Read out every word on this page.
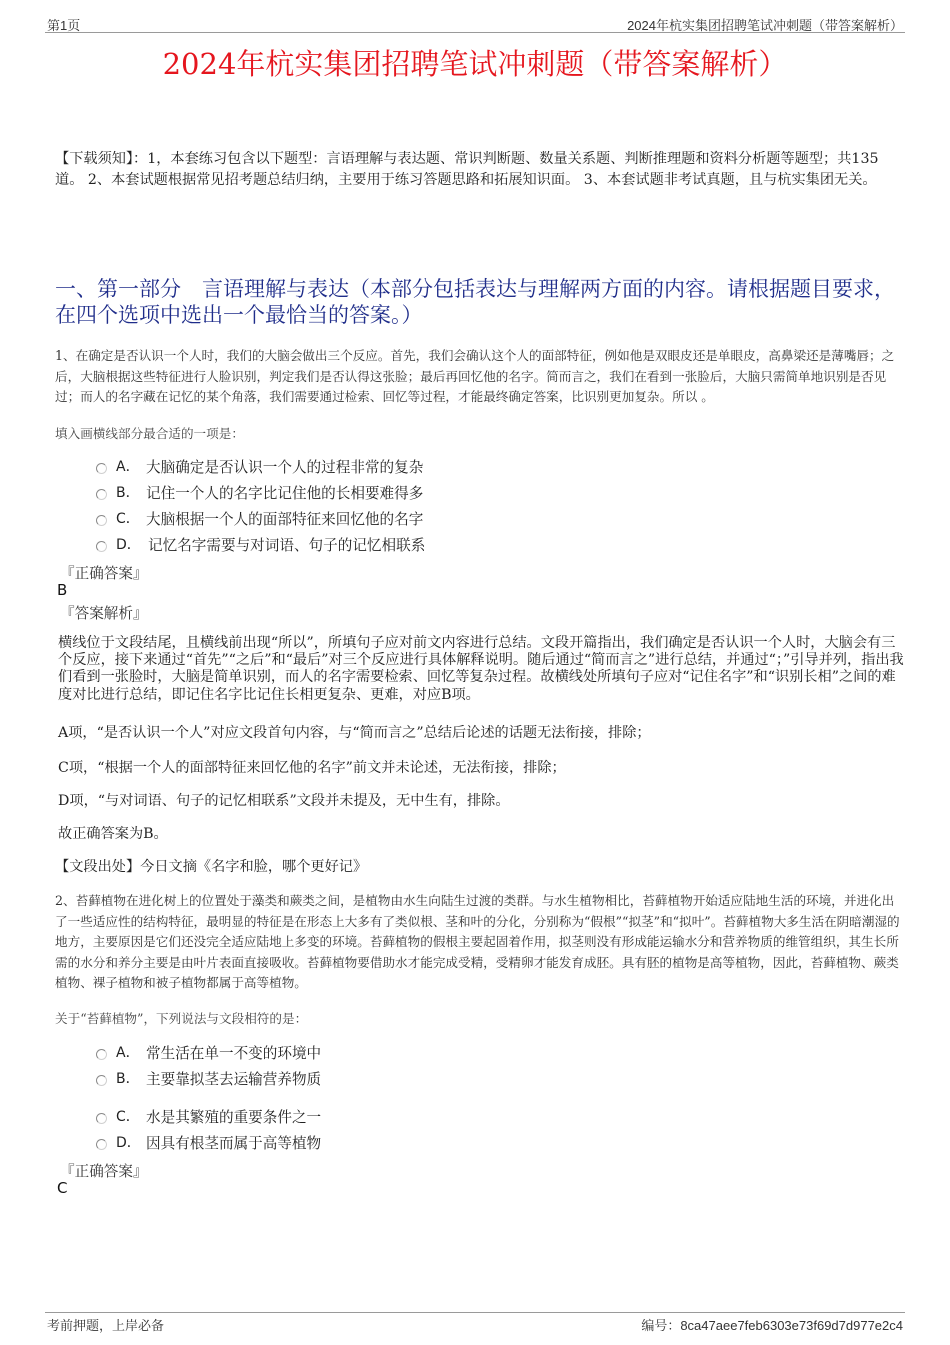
第1页	2024年杭实集团招聘笔试冲刺题（带答案解析）
2024年杭实集团招聘笔试冲刺题（带答案解析）
【下载须知】：1，本套练习包含以下题型：言语理解与表达题、常识判断题、数量关系题、判断推理题和资料分析题等题型；共135道。 2、本套试题根据常见招考题总结归纳，主要用于练习答题思路和拓展知识面。 3、本套试题非考试真题，且与杭实集团无关。
一、第一部分　言语理解与表达（本部分包括表达与理解两方面的内容。请根据题目要求，在四个选项中选出一个最恰当的答案。）
1、在确定是否认识一个人时，我们的大脑会做出三个反应。首先，我们会确认这个人的面部特征，例如他是双眼皮还是单眼皮，高鼻梁还是薄嘴唇；之后，大脑根据这些特征进行人脸识别，判定我们是否认得这张脸；最后再回忆他的名字。简而言之，我们在看到一张脸后，大脑只需简单地识别是否见过；而人的名字藏在记忆的某个角落，我们需要通过检索、回忆等过程，才能最终确定答案，比识别更加复杂。所以 。
填入画横线部分最合适的一项是：
A． 大脑确定是否认识一个人的过程非常的复杂
B． 记住一个人的名字比记住他的长相要难得多
C． 大脑根据一个人的面部特征来回忆他的名字
D． 记忆名字需要与对词语、句子的记忆相联系
『正确答案』
B
『答案解析』
横线位于文段结尾，且横线前出现“所以”，所填句子应对前文内容进行总结。文段开篇指出，我们确定是否认识一个人时，大脑会有三个反应，接下来通过“首先”“之后”和“最后”对三个反应进行具体解释说明。随后通过“简而言之”进行总结，并通过“；”引导并列，指出我们看到一张脸时，大脑是简单识别，而人的名字需要检索、回忆等复杂过程。故横线处所填句子应对“记住名字”和“识别长相”之间的难度对比进行总结，即记住名字比记住长相更复杂、更难，对应B项。
A项，“是否认识一个人”对应文段首句内容，与“简而言之”总结后论述的话题无法衔接，排除；
C项，“根据一个人的面部特征来回忆他的名字”前文并未论述，无法衔接，排除；
D项，“与对词语、句子的记忆相联系”文段并未提及，无中生有，排除。
故正确答案为B。
【文段出处】今日文摘《名字和脸，哪个更好记》
2、苔藓植物在进化树上的位置处于藻类和蕨类之间，是植物由水生向陆生过渡的类群。与水生植物相比，苔藓植物开始适应陆地生活的环境，并进化出了一些适应性的结构特征，最明显的特征是在形态上大多有了类似根、茎和叶的分化，分别称为“假根”“拟茎”和“拟叶”。苔藓植物大多生活在阴暗潮湿的地方，主要原因是它们还没完全适应陆地上多变的环境。苔藓植物的假根主要起固着作用，拟茎则没有形成能运输水分和营养物质的维管组织，其生长所需的水分和养分主要是由叶片表面直接吸收。苔藓植物要借助水才能完成受精，受精卵才能发育成胚。具有胚的植物是高等植物，因此，苔藓植物、蕨类植物、裸子植物和被子植物都属于高等植物。
关于“苔藓植物”，下列说法与文段相符的是：
A． 常生活在单一不变的环境中
B． 主要靠拟茎去运输营养物质
C． 水是其繁殖的重要条件之一
D． 因具有根茎而属于高等植物
『正确答案』
C
考前押题，上岸必备	编号：8ca47aee7feb6303e73f69d7d977e2c4
